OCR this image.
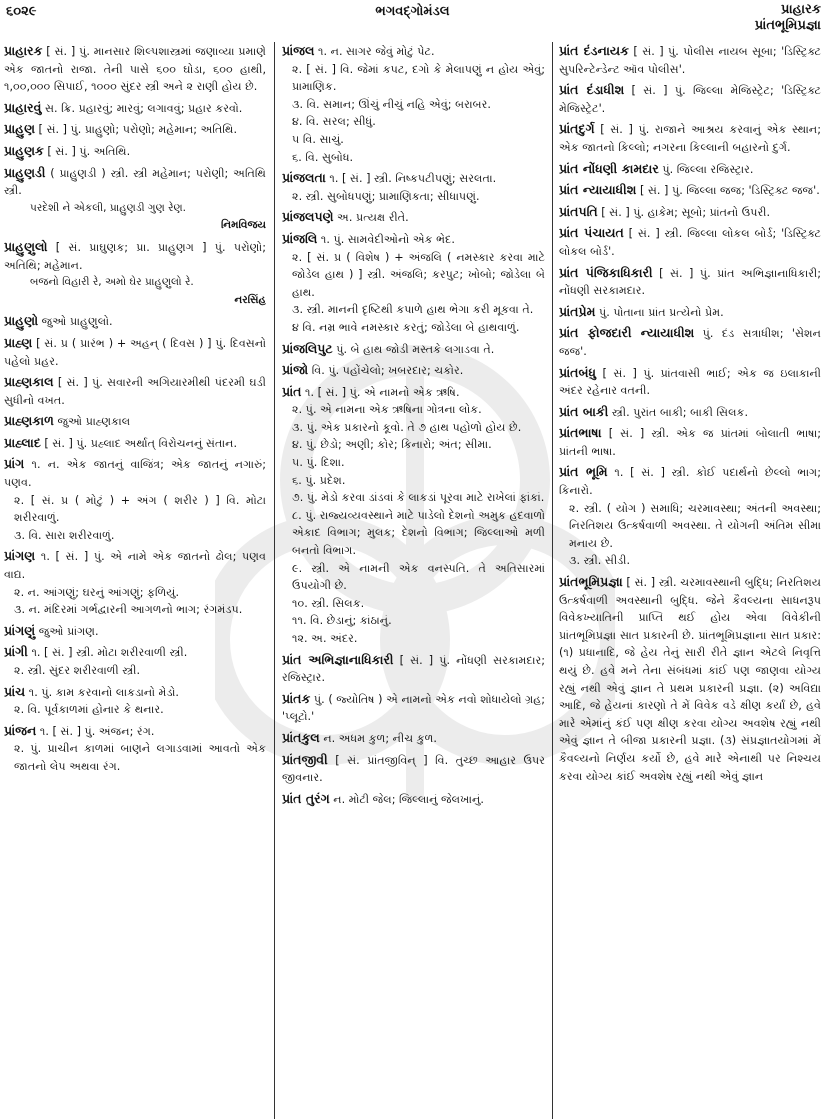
૬૦૨૯	ભગવદ્ગોમંડલ	પ્રાહારક
પ્રાંતભૂમિપ્રજ્ઞા
પ્રાહારક [ સં. ] પું. માનસાર શિલ્પશાસ્ત્રમાં જણાવ્યા પ્રમાણે એક જાતનો રાજા. તેની પાસે ૬૦૦ ઘોડા, ૬૦૦ હાથી, ૧,૦૦,૦૦૦ સિપાઈ, ૧૦૦૦ સુંદર સ્ત્રી અને ૨ રાણી હોય છે.
પ્રાહારવું સ. ક્રિ. પ્રહારવું; મારવું; લગાવવું; પ્રહાર કરવો.
પ્રાહુણ [ સં. ] પું. પ્રાહુણો; પરોણો; મહેમાન; અતિથિ.
પ્રાહુણક [ સં. ] પું. અતિથિ.
પ્રાહુણડી ( પ્રાહુણડી ) સ્ત્રી. સ્ત્રી મહેમાન; પરોણી; અતિથિ સ્ત્રી.
પરદેશી ને એકલી, પ્રાહુણડી ગુણ રેણ.
નિમવિજય
પ્રાહુણુલો [ સં. પ્રાઘુણક; પ્રા. પ્રાહુણગ ] પું. પરોણો; અતિથિ; મહેમાન.
બજનો વિહારી રે, અમો ઘેર પ્રાહુણુલો રે.
નરસિંહ
પ્રાહુણો જુઓ પ્રાહુણુલો.
પ્રાહ્ણ [ સં. પ્ર ( પ્રારંભ ) + અહન્ ( દિવસ ) ] પું. દિવસનો પહેલો પ્રહર.
પ્રાહ્ણકાલ [ સં. ] પું. સવારની અગિયારમીથી પંદરમી ઘડી સુધીનો વખત.
પ્રાહ્ણકાળ જુઓ પ્રાહ્ણકાલ
પ્રાહ્લાદ [ સં. ] પું. પ્રહ્લાદ અર્થાત્ વિરોચનનું સંતાન.
પ્રાંગ ૧. ન. એક જાતનું વાજિંત્ર; એક જાતનું નગારું; પણવ.
૨. [ સં. પ્ર ( મોટું ) + અંગ ( શરીર ) ] વિ. મોટા શરીરવાળું.
૩. વિ. સારા શરીરવાળું.
પ્રાંગણ ૧. [ સં. ] પું. એ નામે એક જાતનો ઢોલ; પણવ વાદ્ય.
૨. ન. આંગણું; ઘરનું આંગણું; ફળિયું.
૩. ન. મંદિરમાં ગર્ભદ્વારની આગળનો ભાગ; રંગમંડપ.
પ્રાંગણું જુઓ પ્રાંગણ.
પ્રાંગી ૧. [ સં. ] સ્ત્રી. મોટા શરીરવાળી સ્ત્રી.
૨. સ્ત્રી. સુંદર શરીરવાળી સ્ત્રી.
પ્રાંચ ૧. પું. કામ કરવાનો લાકડાનો મેડો.
૨. વિ. પૂર્વકાળમાં હોનાર કે થનાર.
પ્રાંજન ૧. [ સં. ] પું. અંજન; રંગ.
૨. પું. પ્રાચીન કાળમાં બાણને લગાડવામાં આવતો એક જાતનો લેપ અથવા રંગ.
પ્રાંજલ ૧. ન. સાગર જેવું મોટું પેટ.
૨. [ સં. ] વિ. જેમાં કપટ, દગો કે મેલાપણું ન હોય એવું; પ્રામાણિક.
૩. વિ. સમાન; ઊંચું નીચું નહિ એવું; બરાબર.
૪. વિ. સરલ; સીધું.
૫ વિ. સાચું.
૬. વિ. સુબોધ.
પ્રાંજલતા ૧. [ સં. ] સ્ત્રી. નિષ્કપટીપણું; સરલતા.
૨. સ્ત્રી. સુબોધપણું; પ્રામાણિકતા; સીધાપણું.
પ્રાંજલપણે અ. પ્રત્યક્ષ રીતે.
પ્રાંજલિ ૧. પું. સામવેદીઓનો એક ભેદ.
૨. [ સં. પ્ર ( વિશેષ ) + અંજલિ ( નમસ્કાર કરવા માટે જોડેલ હાથ ) ] સ્ત્રી. અંજલિ; કરપુટ; ખોબો; જોડેલા બે હાથ.
૩. સ્ત્રી. માનની દૃષ્ટિથી કપાળે હાથ ભેગા કરી મૂકવા તે.
૪ વિ. નમ્ર ભાવે નમસ્કાર કરતું; જોડેલા બે હાથવાળું.
પ્રાંજલિપુટ પું. બે હાથ જોડી મસ્તકે લગાડવા તે.
પ્રાંજો વિ. પું. પહોંચેલો; ખબરદાર; ચકોર.
પ્રાંત ૧. [ સં. ] પું. એ નામનો એક ઋષિ.
૨. પું. એ નામના એક ઋષિના ગોત્રના લોક.
૩. પું. એક પ્રકારનો કૂવો. તે ૭ હાથ પહોળો હોય છે.
૪. પું. છેડો; અણી; કોર; કિનારો; અંત; સીમા.
૫. પું. દિશા.
૬. પું. પ્રદેશ.
૭. પું. મેડો કરવા ડાંડવાં કે લાકડાં પૂરવા માટે રાખેલાં ફાંકાં.
૮. પું. રાજ્યવ્યવસ્થાને માટે પાડેલો દેશનો અમુક હદવાળો એકાદ વિભાગ; મુલક; દેશનો વિભાગ; જિલ્લાઓ મળી બનતો વિભાગ.
૯. સ્ત્રી. એ નામની એક વનસ્પતિ. તે અતિસારમાં ઉપયોગી છે.
૧૦. સ્ત્રી. સિલક.
૧૧. વિ. છેડાનું; કાંઠાનું.
૧૨. અ. અંદર.
પ્રાંત અભિજ્ઞાનાધિકારી [ સં. ] પું. નોંધણી સરકામદાર; રજિસ્ટ્રાર.
પ્રાંતક પું. ( જ્યોતિષ ) એ નામનો એક નવો શોધાયેલો ગ્રહ; 'પ્લૂટો.'
પ્રાંતકુલ ન. અધમ કુળ; નીચ કુળ.
પ્રાંતજીવી [ સં. પ્રાંતજીવિન્ ] વિ. તુચ્છ આહાર ઉપર જીવનાર.
પ્રાંત તુરંગ ન. મોટી જેલ; જિલ્લાનું જેલખાનું.
પ્રાંત દંડનાયક [ સં. ] પું. પોલીસ નાયબ સૂબા; 'ડિસ્ટ્રિક્ટ સુપરિન્ટેન્ડેન્ટ ઑવ પોલીસ'.
પ્રાંત દંડાધીશ [ સં. ] પું. જિલ્લા મેજિસ્ટ્રેટ; 'ડિસ્ટ્રિક્ટ મેજિસ્ટ્રેટ'.
પ્રાંતદુર્ગ [ સં. ] પું. રાજાને આશ્રય કરવાનું એક સ્થાન; એક જાતનો કિલ્લો; નગરના કિલ્લાની બહારનો દુર્ગ.
પ્રાંત નોંધણી કામદાર પું. જિલ્લા રજિસ્ટ્રાર.
પ્રાંત ન્યાયાધીશ [ સં. ] પું. જિલ્લા જજ; 'ડિસ્ટ્રિક્ટ જજ'.
પ્રાંતપતિ [ સં. ] પું. હાકેમ; સૂબો; પ્રાંતનો ઉપરી.
પ્રાંત પંચાયત [ સં. ] સ્ત્રી. જિલ્લા લોકલ બોર્ડ; 'ડિસ્ટ્રિક્ટ લોકલ બોર્ડ'.
પ્રાંત પંજિકાધિકારી [ સં. ] પું. પ્રાંત અભિજ્ઞાનાધિકારી; નોંધણી સરકામદાર.
પ્રાંતપ્રેમ પું. પોતાના પ્રાંત પ્રત્યેનો પ્રેમ.
પ્રાંત ફોજદારી ન્યાયાધીશ પું. દંડ સત્રાધીશ; 'સેશન જજ'.
પ્રાંતબંધુ [ સં. ] પું. પ્રાંતવાસી ભાઈ; એક જ ઇલાકાની અંદર રહેનાર વતની.
પ્રાંત બાકી સ્ત્રી. પુરાંત બાકી; બાકી સિલક.
પ્રાંતભાષા [ સં. ] સ્ત્રી. એક જ પ્રાંતમાં બોલાતી ભાષા; પ્રાંતની ભાષા.
પ્રાંત ભૂમિ ૧. [ સં. ] સ્ત્રી. કોઈ પદાર્થનો છેલ્લો ભાગ; કિનારો.
૨. સ્ત્રી. ( યોગ ) સમાધિ; ચરમાવસ્થા; અંતની અવસ્થા; નિરતિશય ઉત્કર્ષવાળી અવસ્થા. તે યોગની અંતિમ સીમા મનાય છે.
૩. સ્ત્રી. સીડી.
પ્રાંતભૂમિપ્રજ્ઞા [ સં. ] સ્ત્રી. ચરમાવસ્થાની બુદ્ધિ; નિરતિશય ઉત્કર્ષવાળી અવસ્થાની બુદ્ધિ. જેને કૈવલ્યના સાધનરૂપ વિવેકખ્યાતિની પ્રાપ્તિ થઈ હોય એવા વિવેકીની પ્રાંતભૂમિપ્રજ્ઞા સાત પ્રકારની છે. પ્રાંતભૂમિપ્રજ્ઞાના સાત પ્રકાર: (૧) પ્રધાનાદિ, જે હેય તેનું સારી રીતે જ્ઞાન એટલે નિવૃત્તિ થયું છે. હવે મને તેના સંબંધમાં કાંઈ પણ જાણવા યોગ્ય રહ્યું નથી એવું જ્ઞાન તે પ્રથમ પ્રકારની પ્રજ્ઞા. (૨) અવિદ્યા આદિ, જે હેયનાં કારણો તે મેં વિવેક વડે ક્ષીણ કર્યાં છે, હવે મારે એમાંનું કંઈ પણ ક્ષીણ કરવા યોગ્ય અવશેષ રહ્યું નથી એવું જ્ઞાન તે બીજા પ્રકારની પ્રજ્ઞા. (૩) સંપ્રજ્ઞાતયોગમાં મેં કૈવલ્યનો નિર્ણય કર્યો છે, હવે મારે એનાથી પર નિશ્ચય કરવા યોગ્ય કાંઈ અવશેષ રહ્યું નથી એવું જ્ઞાન
